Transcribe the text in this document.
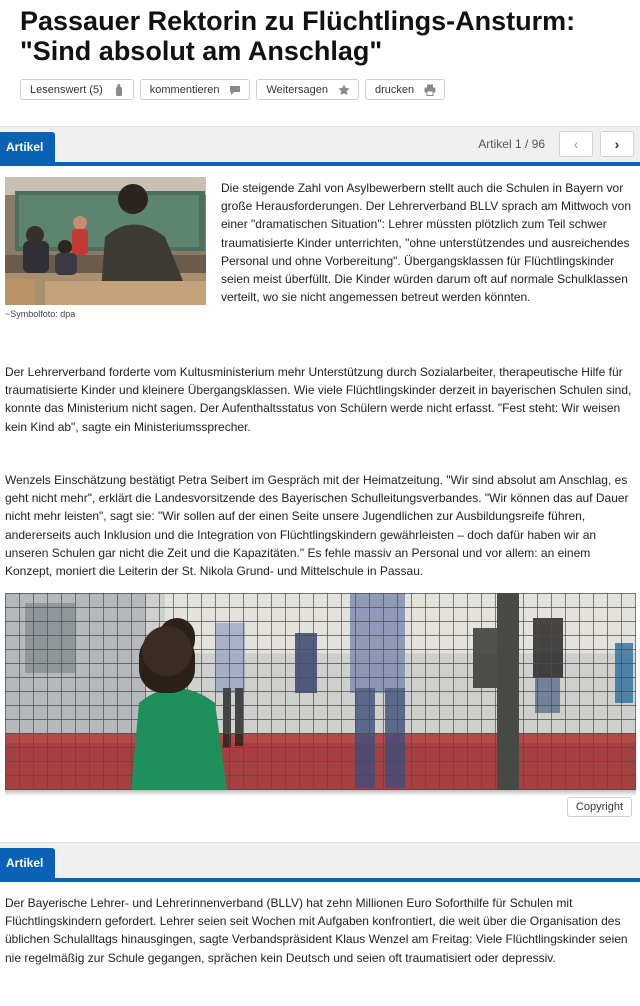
Passauer Rektorin zu Flüchtlings-Ansturm:
"Sind absolut am Anschlag"
Lesenswert (5)	kommentieren	Weitersagen	drucken
Artikel	Artikel 1 / 96 ‹	›
~Symbolfoto: dpa

Die steigende Zahl von Asylbewerbern stellt auch die Schulen in Bayern vor große Herausforderungen. Der Lehrerverband BLLV sprach am Mittwoch von einer "dramatischen Situation": Lehrer müssten plötzlich zum Teil schwer traumatisierte Kinder unterrichten, "ohne unterstützendes und ausreichendes Personal und ohne Vorbereitung". Übergangsklassen für Flüchtlingskinder seien meist überfüllt. Die Kinder würden darum oft auf normale Schulklassen verteilt, wo sie nicht angemessen betreut werden könnten.

Der Lehrerverband forderte vom Kultusministerium mehr Unterstützung durch Sozialarbeiter, therapeutische Hilfe für traumatisierte Kinder und kleinere Übergangsklassen. Wie viele Flüchtlingskinder derzeit in bayerischen Schulen sind, konnte das Ministerium nicht sagen. Der Aufenthaltsstatus von Schülern werde nicht erfasst. "Fest steht: Wir weisen kein Kind ab", sagte ein Ministeriumssprecher.

Wenzels Einschätzung bestätigt Petra Seibert im Gespräch mit der Heimatzeitung. "Wir sind absolut am Anschlag, es geht nicht mehr", erklärt die Landesvorsitzende des Bayerischen Schulleitungsverbandes. "Wir können das auf Dauer nicht mehr leisten", sagt sie: "Wir sollen auf der einen Seite unsere Jugendlichen zur Ausbildungsreife führen, andererseits auch Inklusion und die Integration von Flüchtlingskindern gewährleisten – doch dafür haben wir an unseren Schulen gar nicht die Zeit und die Kapazitäten." Es fehle massiv an Personal und vor allem: an einem Konzept, moniert die Leiterin der St. Nikola Grund- und Mittelschule in Passau.

Copyright
Artikel

Der Bayerische Lehrer- und Lehrerinnenverband (BLLV) hat zehn Millionen Euro Soforthilfe für Schulen mit Flüchtlingskindern gefordert. Lehrer seien seit Wochen mit Aufgaben konfrontiert, die weit über die Organisation des üblichen Schulalltags hinausgingen, sagte Verbandspräsident Klaus Wenzel am Freitag: Viele Flüchtlingskinder seien nie regelmäßig zur Schule gegangen, sprächen kein Deutsch und seien oft traumatisiert oder depressiv.
